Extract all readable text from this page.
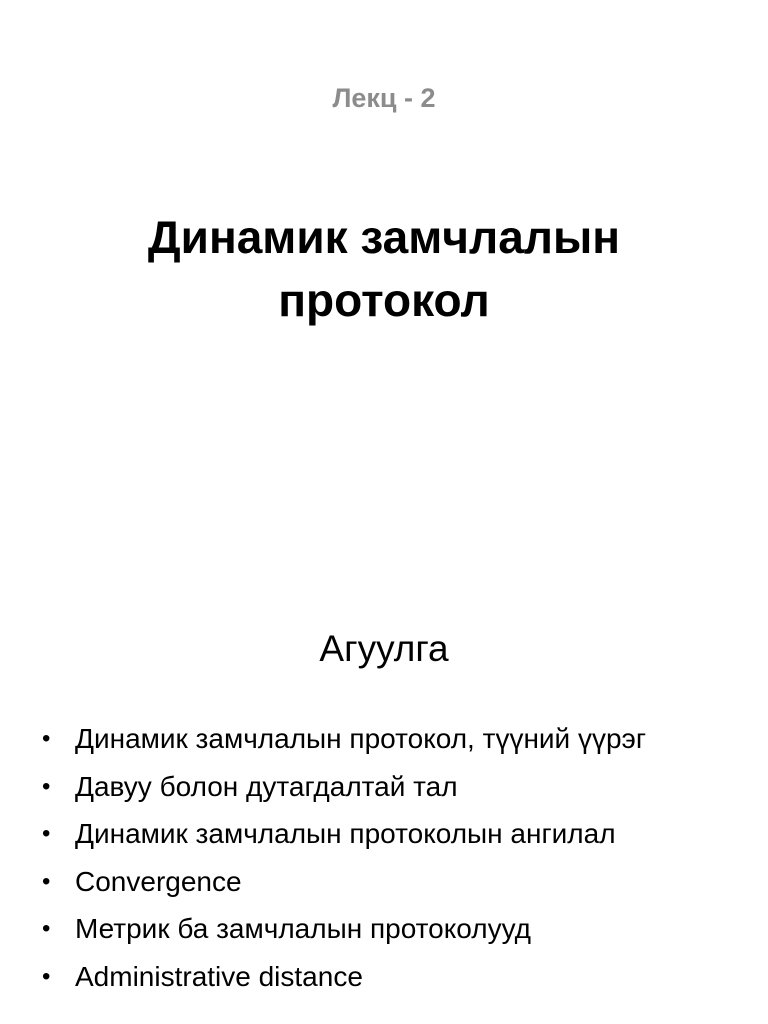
Лекц - 2
Динамик замчлалын
протокол
Агуулга
• Динамик замчлалын протокол, түүний үүрэг
• Давуу болон дутагдалтай тал
• Динамик замчлалын протоколын ангилал
• Convergence
• Метрик ба замчлалын протоколууд
• Administrative distance
